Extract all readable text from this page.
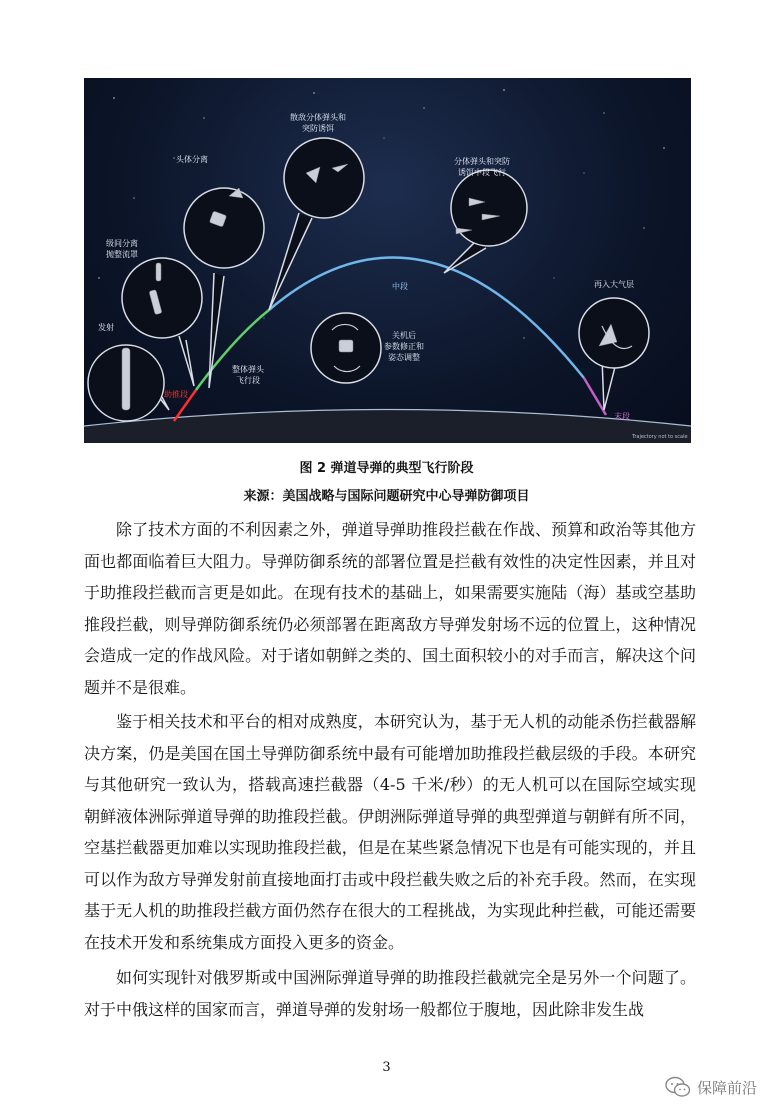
发射
助推段
级间分离
抛整流罩
头体分离
散敌分体弹头和
突防诱饵
整体弹头
飞行段
关机后
参数修正和
姿态调整
中段
分体弹头和突防
诱饵中段飞行
再入大气层
末段
Trajectory not to scale
图 2 弹道导弹的典型飞行阶段
来源：美国战略与国际问题研究中心导弹防御项目

除了技术方面的不利因素之外，弹道导弹助推段拦截在作战、预算和政治等其他方面也都面临着巨大阻力。导弹防御系统的部署位置是拦截有效性的决定性因素，并且对于助推段拦截而言更是如此。在现有技术的基础上，如果需要实施陆（海）基或空基助推段拦截，则导弹防御系统仍必须部署在距离敌方导弹发射场不远的位置上，这种情况会造成一定的作战风险。对于诸如朝鲜之类的、国土面积较小的对手而言，解决这个问题并不是很难。

鉴于相关技术和平台的相对成熟度，本研究认为，基于无人机的动能杀伤拦截器解决方案，仍是美国在国土导弹防御系统中最有可能增加助推段拦截层级的手段。本研究与其他研究一致认为，搭载高速拦截器（4-5 千米/秒）的无人机可以在国际空域实现朝鲜液体洲际弹道导弹的助推段拦截。伊朗洲际弹道导弹的典型弹道与朝鲜有所不同，空基拦截器更加难以实现助推段拦截，但是在某些紧急情况下也是有可能实现的，并且可以作为敌方导弹发射前直接地面打击或中段拦截失败之后的补充手段。然而，在实现基于无人机的助推段拦截方面仍然存在很大的工程挑战，为实现此种拦截，可能还需要在技术开发和系统集成方面投入更多的资金。

如何实现针对俄罗斯或中国洲际弹道导弹的助推段拦截就完全是另外一个问题了。对于中俄这样的国家而言，弹道导弹的发射场一般都位于腹地，因此除非发生战

3
保障前沿
